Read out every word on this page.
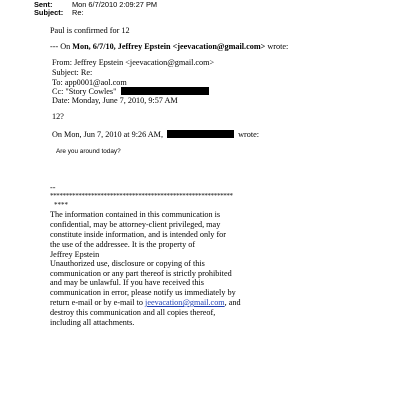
Sent:	Mon 6/7/2010 2:09:27 PM
Subject: Re:
Paul is confirmed for 12
--- On Mon, 6/7/10, Jeffrey Epstein <jeevacation@gmail.com> wrote:
From: Jeffrey Epstein <jeevacation@gmail.com>
Subject: Re:
To: app0001@aol.com
Cc: "Story Cowles"
Date: Monday, June 7, 2010, 9:57 AM
12?
On Mon, Jun 7, 2010 at 9:26 AM,	wrote:
Are you around today?
--
**********************************************************
****
The information contained in this communication is
confidential, may be attorney-client privileged, may
constitute inside information, and is intended only for
the use of the addressee. It is the property of
Jeffrey Epstein
Unauthorized use, disclosure or copying of this
communication or any part thereof is strictly prohibited
and may be unlawful. If you have received this
communication in error, please notify us immediately by
return e-mail or by e-mail to jeevacation@gmail.com, and
destroy this communication and all copies thereof,
including all attachments.
